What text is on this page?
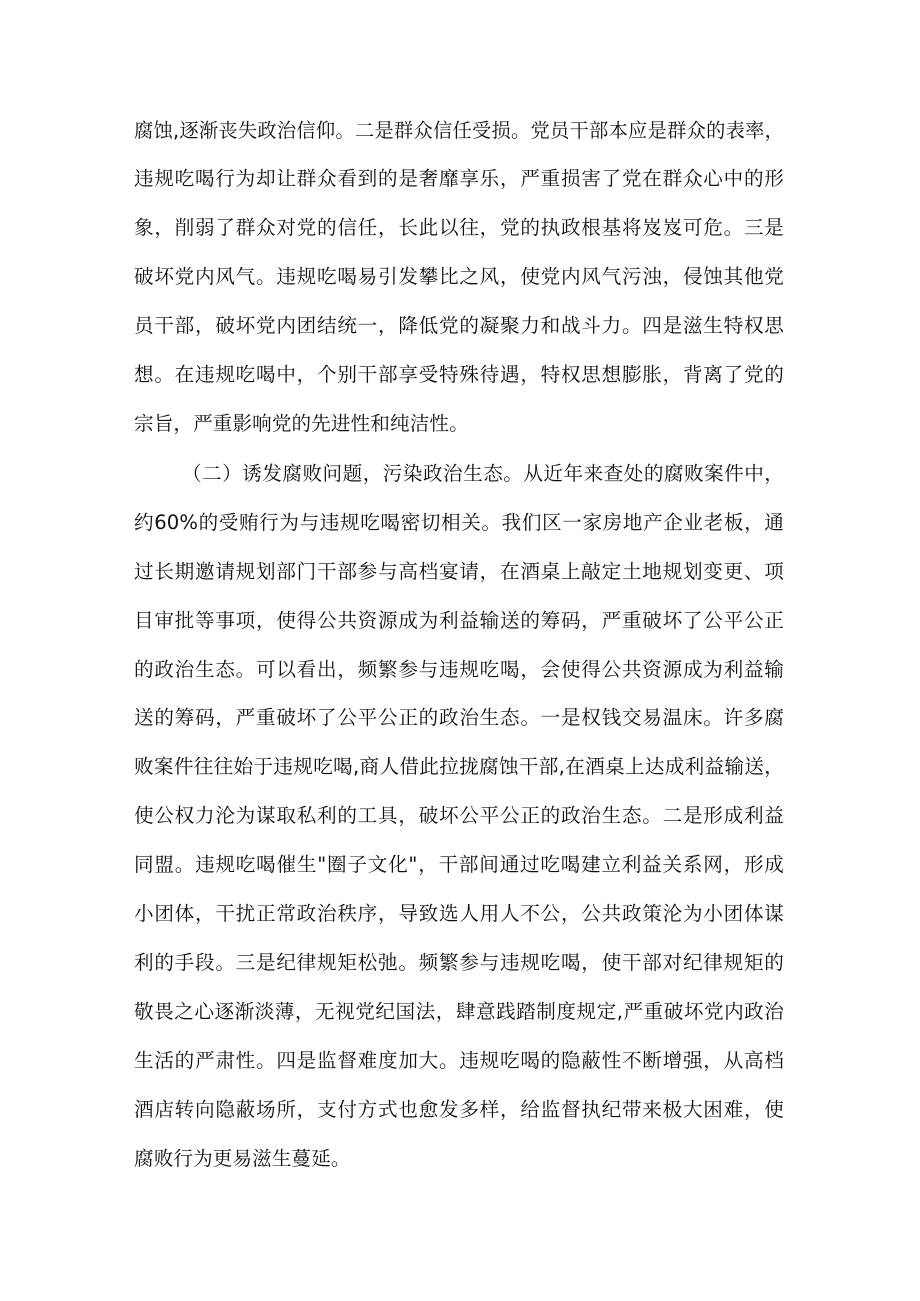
腐蚀,逐渐丧失政治信仰。二是群众信任受损。党员干部本应是群众的表率，
违规吃喝行为却让群众看到的是奢靡享乐，严重损害了党在群众心中的形
象，削弱了群众对党的信任，长此以往，党的执政根基将岌岌可危。三是
破坏党内风气。违规吃喝易引发攀比之风，使党内风气污浊，侵蚀其他党
员干部，破坏党内团结统一，降低党的凝聚力和战斗力。四是滋生特权思
想。在违规吃喝中，个别干部享受特殊待遇，特权思想膨胀，背离了党的
宗旨，严重影响党的先进性和纯洁性。
（二）诱发腐败问题，污染政治生态。从近年来查处的腐败案件中，
约60%的受贿行为与违规吃喝密切相关。我们区一家房地产企业老板，通
过长期邀请规划部门干部参与高档宴请，在酒桌上敲定土地规划变更、项
目审批等事项，使得公共资源成为利益输送的筹码，严重破坏了公平公正
的政治生态。可以看出，频繁参与违规吃喝，会使得公共资源成为利益输
送的筹码，严重破坏了公平公正的政治生态。一是权钱交易温床。许多腐
败案件往往始于违规吃喝,商人借此拉拢腐蚀干部,在酒桌上达成利益输送，
使公权力沦为谋取私利的工具，破坏公平公正的政治生态。二是形成利益
同盟。违规吃喝催生"圈子文化"，干部间通过吃喝建立利益关系网，形成
小团体，干扰正常政治秩序，导致选人用人不公，公共政策沦为小团体谋
利的手段。三是纪律规矩松弛。频繁参与违规吃喝，使干部对纪律规矩的
敬畏之心逐渐淡薄，无视党纪国法，肆意践踏制度规定,严重破坏党内政治
生活的严肃性。四是监督难度加大。违规吃喝的隐蔽性不断增强，从高档
酒店转向隐蔽场所，支付方式也愈发多样，给监督执纪带来极大困难，使
腐败行为更易滋生蔓延。
